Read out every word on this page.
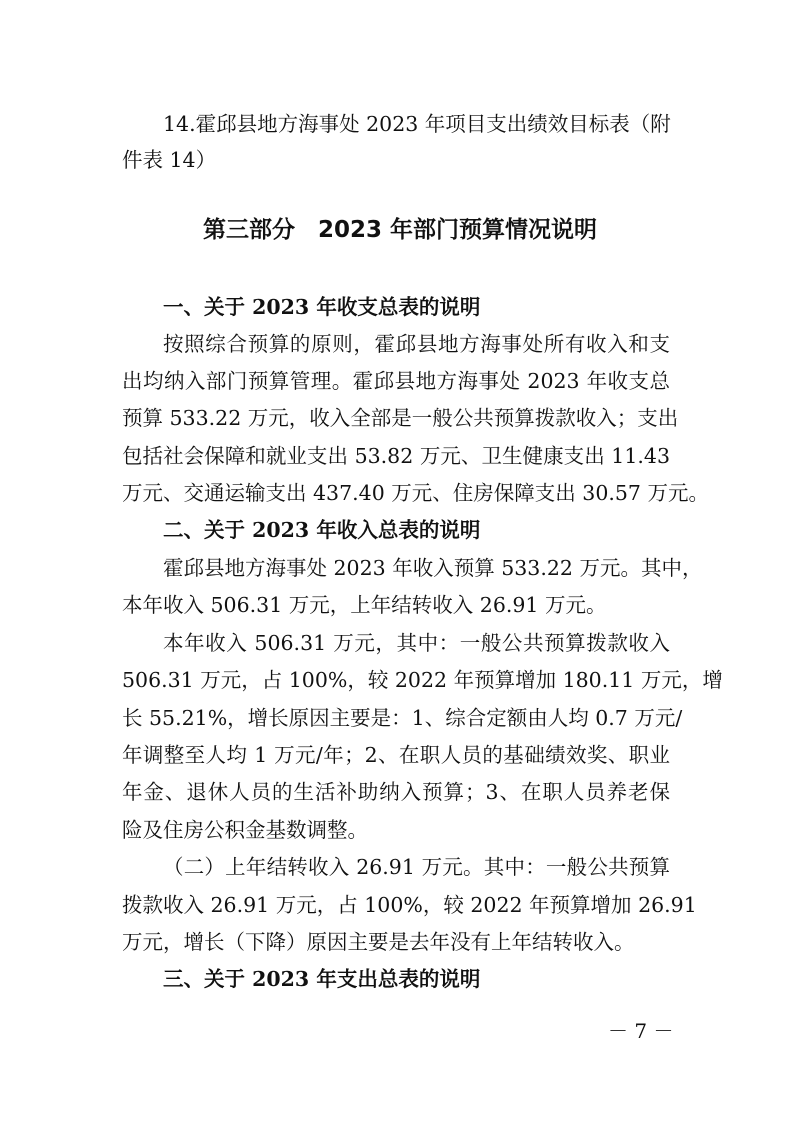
14.霍邱县地方海事处 2023 年项目支出绩效目标表（附
件表 14）
第三部分　2023 年部门预算情况说明
一、关于 2023 年收支总表的说明
按照综合预算的原则，霍邱县地方海事处所有收入和支
出均纳入部门预算管理。霍邱县地方海事处 2023 年收支总
预算 533.22 万元，收入全部是一般公共预算拨款收入；支出
包括社会保障和就业支出 53.82 万元、卫生健康支出 11.43
万元、交通运输支出 437.40 万元、住房保障支出 30.57 万元。
二、关于 2023 年收入总表的说明
霍邱县地方海事处 2023 年收入预算 533.22 万元。其中，
本年收入 506.31 万元，上年结转收入 26.91 万元。
本年收入 506.31 万元，其中：一般公共预算拨款收入
506.31 万元，占 100%，较 2022 年预算增加 180.11 万元，增
长 55.21%，增长原因主要是：1、综合定额由人均 0.7 万元/
年调整至人均 1 万元/年；2、在职人员的基础绩效奖、职业
年金、退休人员的生活补助纳入预算；3、在职人员养老保
险及住房公积金基数调整。
（二）上年结转收入 26.91 万元。其中：一般公共预算
拨款收入 26.91 万元，占 100%，较 2022 年预算增加 26.91
万元，增长（下降）原因主要是去年没有上年结转收入。
三、关于 2023 年支出总表的说明
－ 7 －
